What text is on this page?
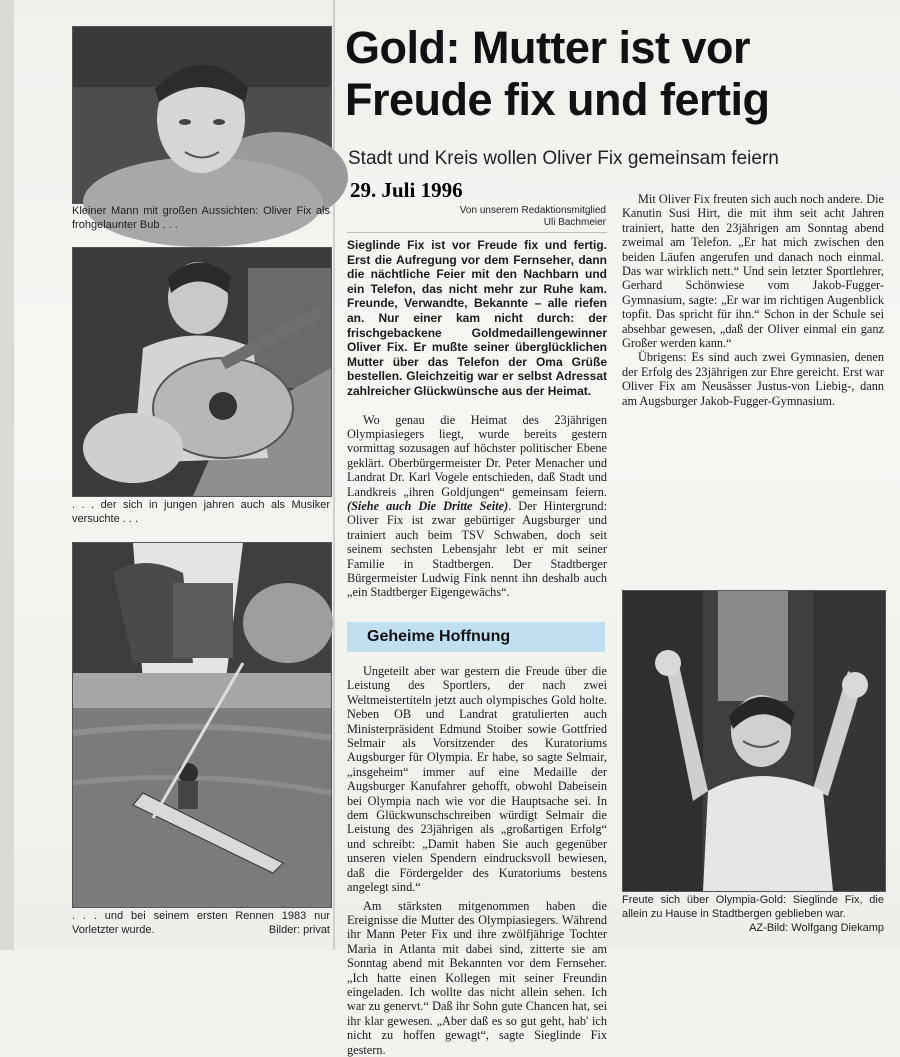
Kleiner Mann mit großen Aussichten: Oliver Fix als frohgelaunter Bub . . .
. . . der sich in jungen jahren auch als Musiker versuchte . . .
. . . und bei seinem ersten Rennen 1983 nur Vorletzter wurde.	Bilder: privat
Gold: Mutter ist vor
Freude fix und fertig
Stadt und Kreis wollen Oliver Fix gemeinsam feiern
29. Juli 1996
Von unserem Redaktionsmitglied
Uli Bachmeier

Sieglinde Fix ist vor Freude fix und fertig. Erst die Aufregung vor dem Fernseher, dann die nächtliche Feier mit den Nachbarn und ein Telefon, das nicht mehr zur Ruhe kam. Freunde, Verwandte, Bekannte – alle riefen an. Nur einer kam nicht durch: der frischgebackene Goldmedaillengewinner Oliver Fix. Er mußte seiner überglücklichen Mutter über das Telefon der Oma Grüße bestellen. Gleichzeitig war er selbst Adressat zahlreicher Glückwünsche aus der Heimat.

Wo genau die Heimat des 23jährigen Olympiasiegers liegt, wurde bereits gestern vormittag sozusagen auf höchster politischer Ebene geklärt. Oberbürgermeister Dr. Peter Menacher und Landrat Dr. Karl Vogele entschieden, daß Stadt und Landkreis „ihren Goldjungen“ gemeinsam feiern. (Siehe auch Die Dritte Seite). Der Hintergrund: Oliver Fix ist zwar gebürtiger Augsburger und trainiert auch beim TSV Schwaben, doch seit seinem sechsten Lebensjahr lebt er mit seiner Familie in Stadtbergen. Der Stadtberger Bürgermeister Ludwig Fink nennt ihn deshalb auch „ein Stadtberger Eigengewächs“.

Geheime Hoffnung

Ungeteilt aber war gestern die Freude über die Leistung des Sportlers, der nach zwei Weltmeistertiteln jetzt auch olympisches Gold holte. Neben OB und Landrat gratulierten auch Ministerpräsident Edmund Stoiber sowie Gottfried Selmair als Vorsitzender des Kuratoriums Augsburger für Olympia. Er habe, so sagte Selmair, „insgeheim“ immer auf eine Medaille der Augsburger Kanufahrer gehofft, obwohl Dabeisein bei Olympia nach wie vor die Hauptsache sei. In dem Glückwunschschreiben würdigt Selmair die Leistung des 23jährigen als „großartigen Erfolg“ und schreibt: „Damit haben Sie auch gegenüber unseren vielen Spendern eindrucksvoll bewiesen, daß die Fördergelder des Kuratoriums bestens angelegt sind.“

Am stärksten mitgenommen haben die Ereignisse die Mutter des Olympiasiegers. Während ihr Mann Peter Fix und ihre zwölfjährige Tochter Maria in Atlanta mit dabei sind, zitterte sie am Sonntag abend mit Bekannten vor dem Fernseher. „Ich hatte einen Kollegen mit seiner Freundin eingeladen. Ich wollte das nicht allein sehen. Ich war zu genervt.“ Daß ihr Sohn gute Chancen hat, sei ihr klar gewesen. „Aber daß es so gut geht, hab' ich nicht zu hoffen gewagt“, sagte Sieglinde Fix gestern.

Mit Oliver Fix freuten sich auch noch andere. Die Kanutin Susi Hirt, die mit ihm seit acht Jahren trainiert, hatte den 23jährigen am Sonntag abend zweimal am Telefon. „Er hat mich zwischen den beiden Läufen angerufen und danach noch einmal. Das war wirklich nett.“ Und sein letzter Sportlehrer, Gerhard Schönwiese vom Jakob-Fugger-Gymnasium, sagte: „Er war im richtigen Augenblick topfit. Das spricht für ihn.“ Schon in der Schule sei absehbar gewesen, „daß der Oliver einmal ein ganz Großer werden kann.“

Übrigens: Es sind auch zwei Gymnasien, denen der Erfolg des 23jährigen zur Ehre gereicht. Erst war Oliver Fix am Neusässer Justus-von Liebig-, dann am Augsburger Jakob-Fugger-Gymnasium.

Freute sich über Olympia-Gold: Sieglinde Fix, die allein zu Hause in Stadtbergen geblieben war.
AZ-Bild: Wolfgang Diekamp
